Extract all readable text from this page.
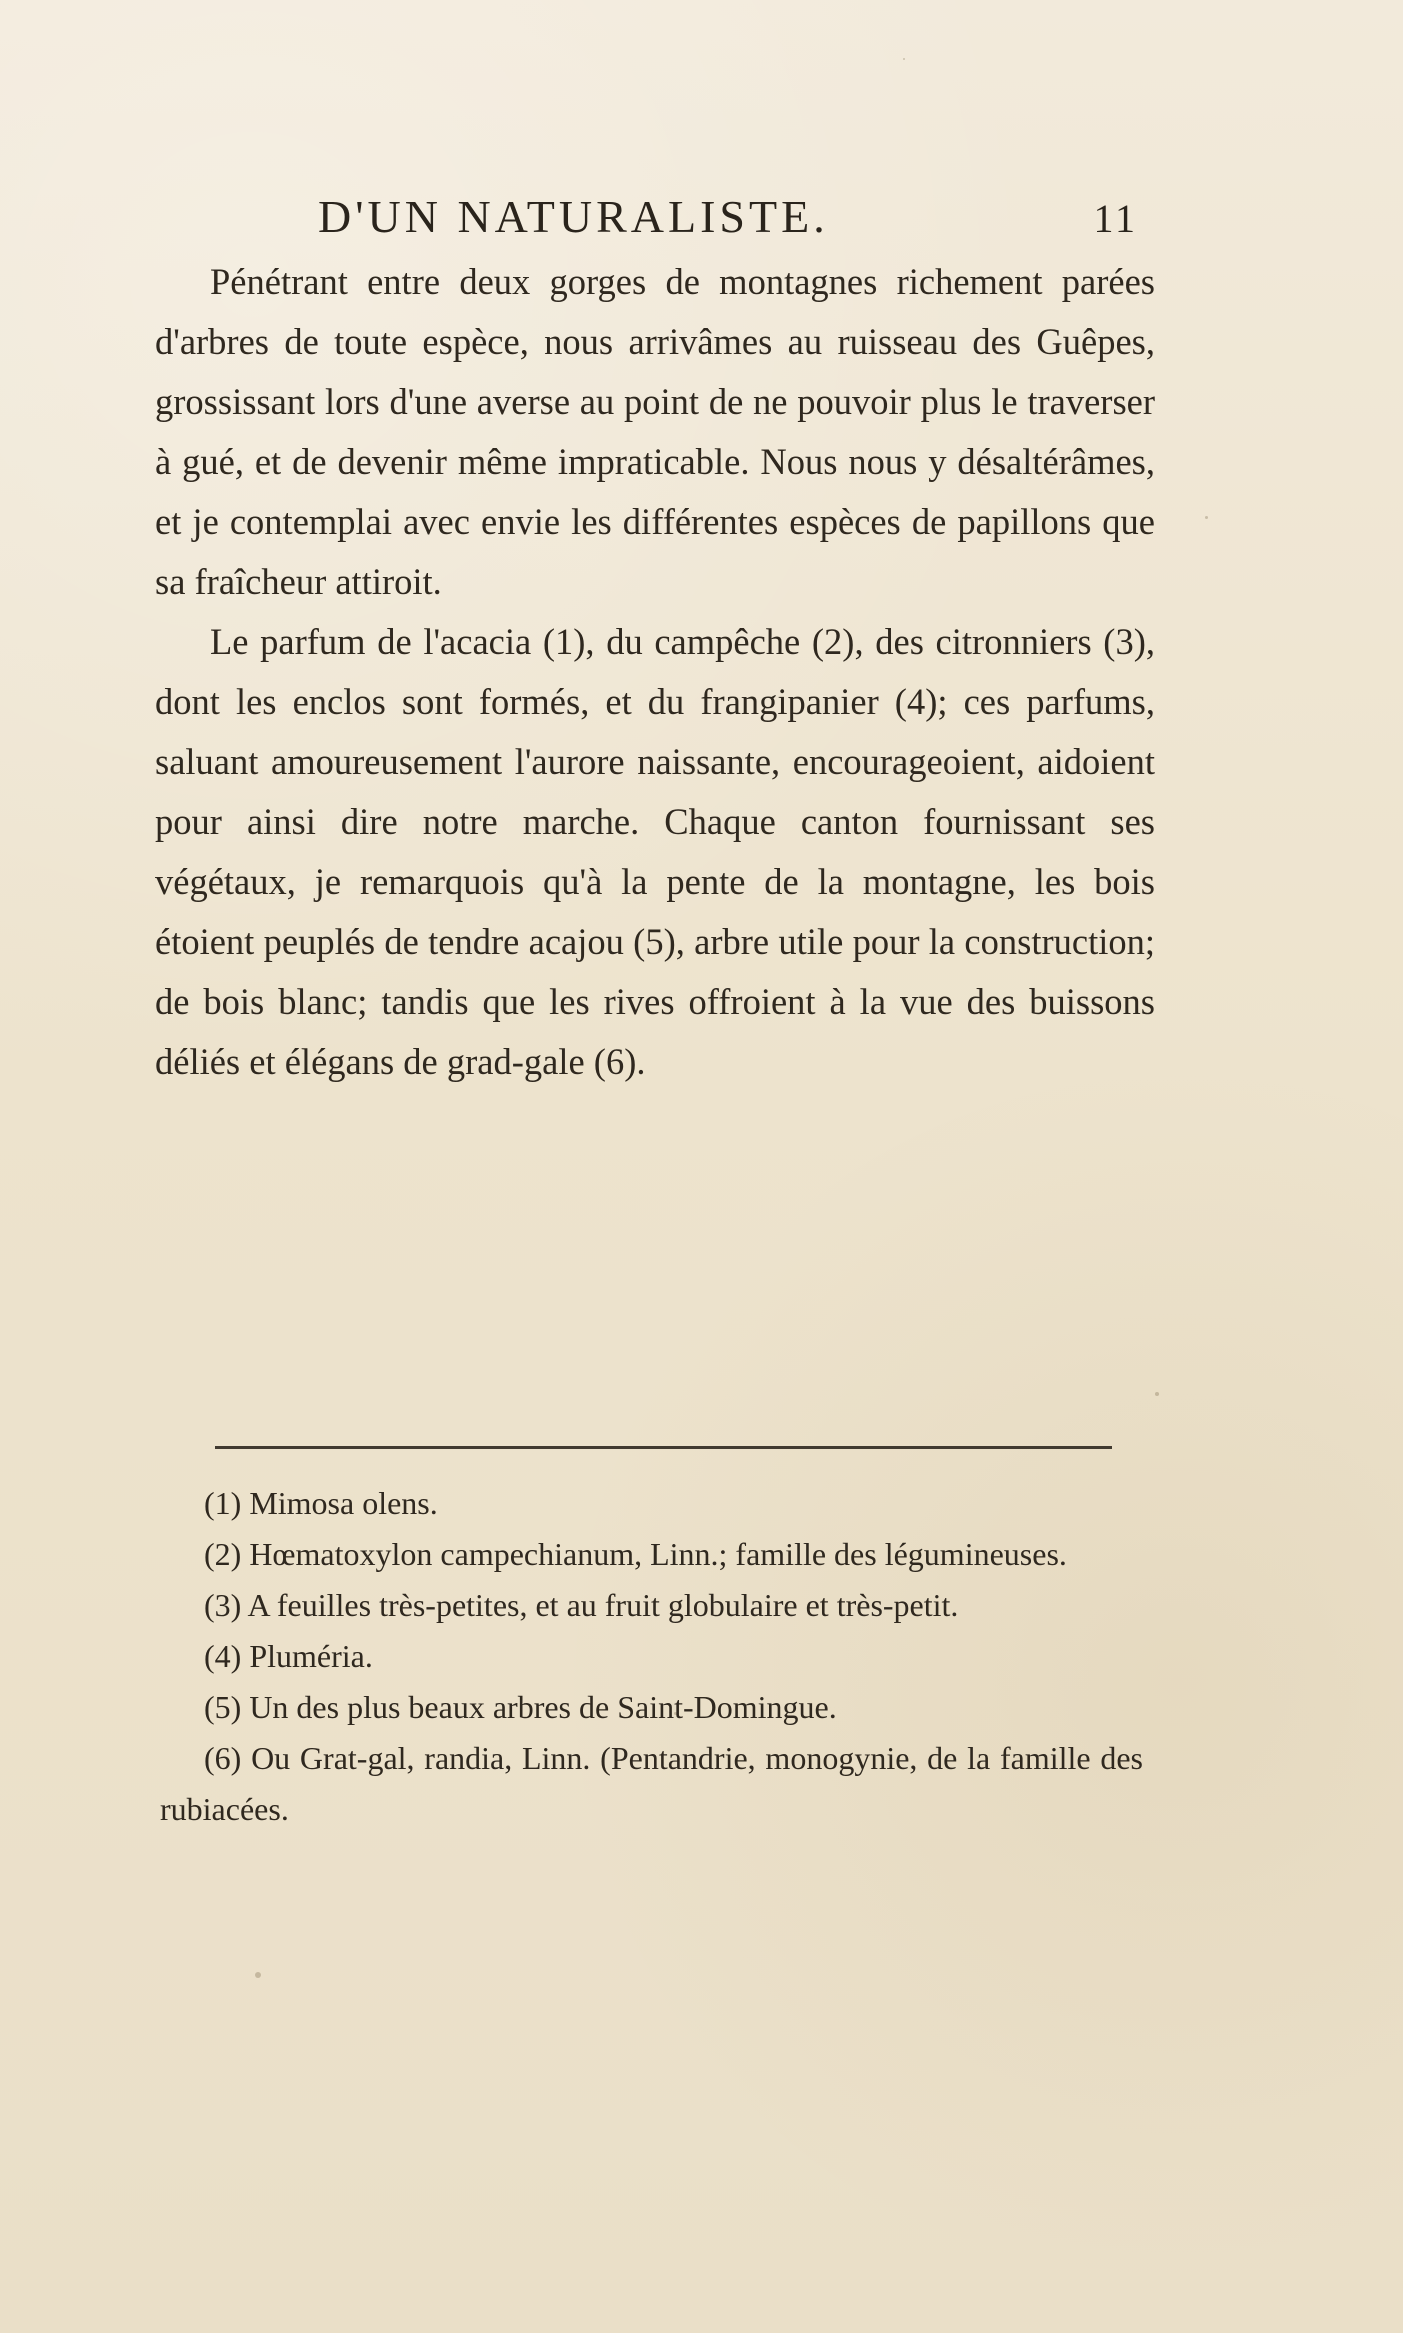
D'UN NATURALISTE.	11

Pénétrant entre deux gorges de montagnes richement parées d'arbres de toute espèce, nous arrivâmes au ruisseau des Guêpes, grossissant lors d'une averse au point de ne pouvoir plus le traverser à gué, et de devenir même impraticable. Nous nous y désaltérâmes, et je contemplai avec envie les différentes espèces de papillons que sa fraîcheur attiroit.

Le parfum de l'acacia (1), du campêche (2), des citronniers (3), dont les enclos sont formés, et du frangipanier (4); ces parfums, saluant amoureusement l'aurore naissante, encourageoient, aidoient pour ainsi dire notre marche. Chaque canton fournissant ses végétaux, je remarquois qu'à la pente de la montagne, les bois étoient peuplés de tendre acajou (5), arbre utile pour la construction; de bois blanc; tandis que les rives offroient à la vue des buissons déliés et élégans de grad-gale (6).

(1) Mimosa olens.

(2) Hœmatoxylon campechianum, Linn.; famille des légumineuses.

(3) A feuilles très-petites, et au fruit globulaire et très-petit.

(4) Pluméria.

(5) Un des plus beaux arbres de Saint-Domingue.

(6) Ou Grat-gal, randia, Linn. (Pentandrie, monogynie, de la famille des rubiacées.
